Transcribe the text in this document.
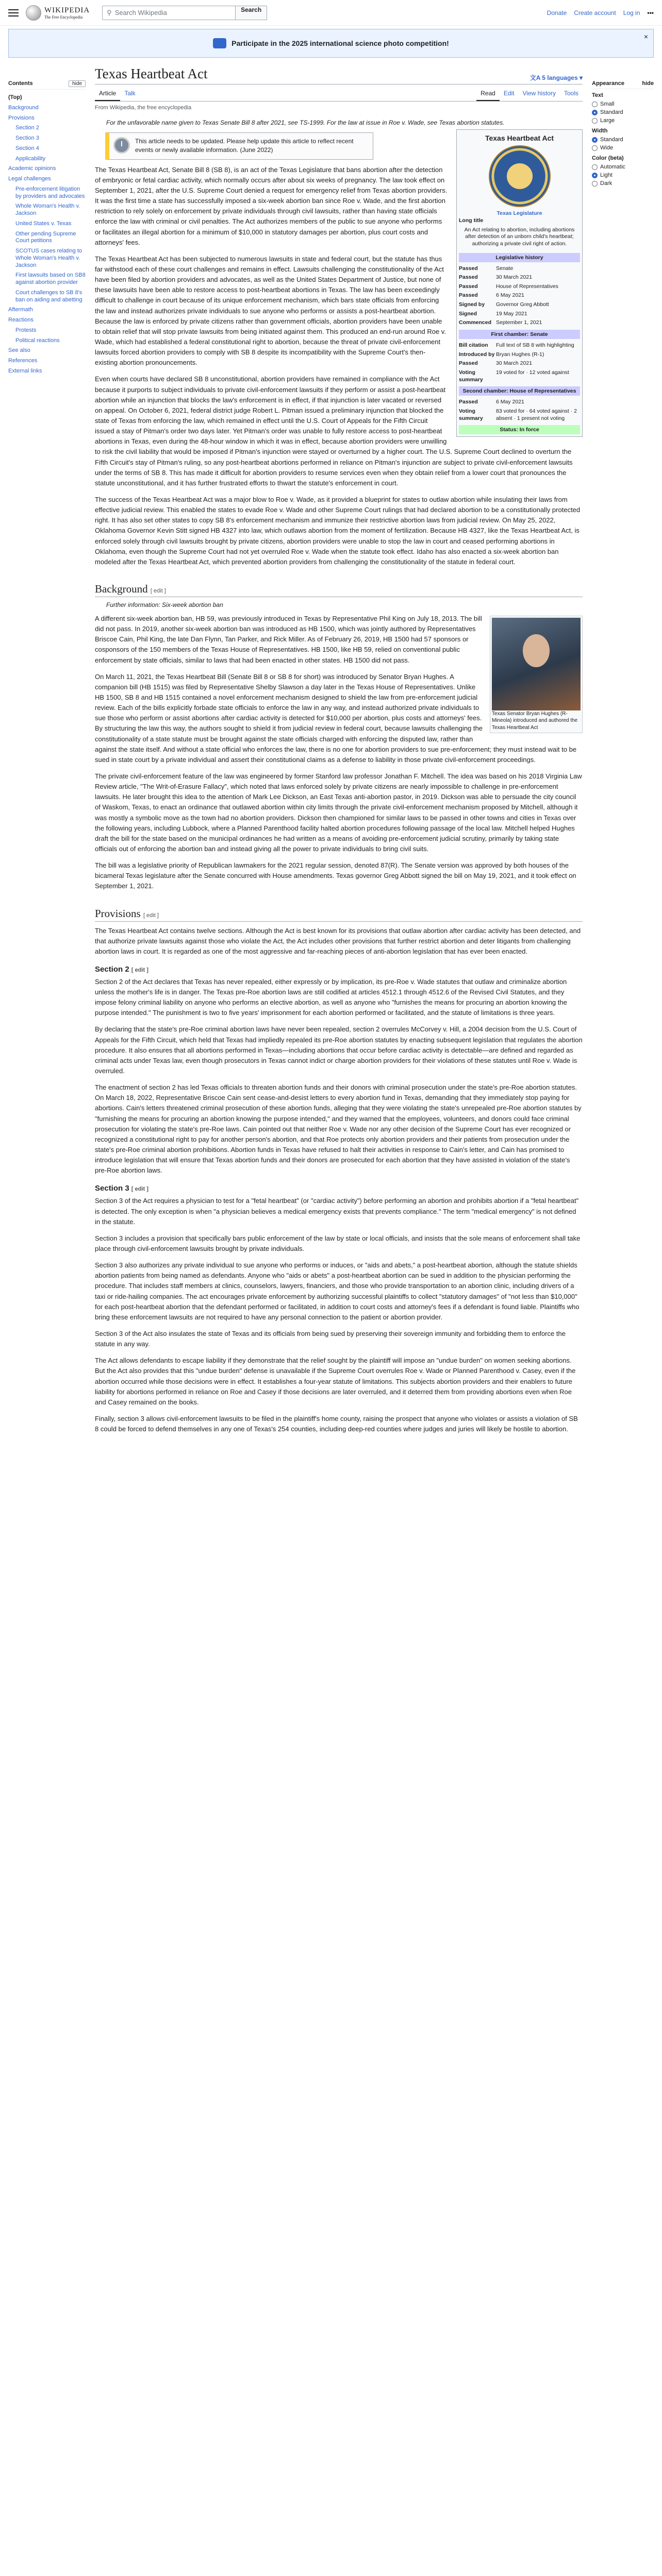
WIKIPEDIA
The Free Encyclopedia
⚲ Search Wikipedia	Search	Donate Create account Log in •••
Participate in the 2025 international science photo competition!
×
Contents	hide
(Top)
Background
Provisions
Section 2
Section 3
Section 4
Applicability
Academic opinions
Legal challenges
Pre-enforcement litigation by providers and advocates
Whole Woman's Health v. Jackson
United States v. Texas
Other pending Supreme Court petitions
SCOTUS cases relating to Whole Woman's Health v. Jackson
First lawsuits based on SB8 against abortion provider
Court challenges to SB 8's ban on aiding and abetting
Aftermath
Reactions
Protests
Political reactions
See also
References
External links
Texas Heartbeat Act	文A 5 languages ▾
Article	Talk	Read	Edit	View history	Tools
From Wikipedia, the free encyclopedia
For the unfavorable name given to Texas Senate Bill 8 after 2021, see TS-1999. For the law at issue in Roe v. Wade, see Texas abortion statutes.
Texas Heartbeat Act
Texas Legislature
Long title
An Act relating to abortion, including abortions after detection of an unborn child's heartbeat; authorizing a private civil right of action.
Legislative history
Passed	Senate
Passed	30 March 2021
Passed	House of Representatives
Passed	6 May 2021
Signed by	Governor Greg Abbott
Signed	19 May 2021
Commenced September 1, 2021
First chamber: Senate
Bill citation	Full text of SB 8 with highlighting
Introduced by Bryan Hughes (R-1)
Passed	30 March 2021
Voting summary
19 voted for · 12 voted against
Second chamber: House of Representatives
Passed	6 May 2021
Voting summary
83 voted for · 64 voted against · 2 absent · 1 present not voting
Status: In force
This article needs to be updated. Please help update this article to reflect recent events or newly available information. (June 2022)

The Texas Heartbeat Act, Senate Bill 8 (SB 8), is an act of the Texas Legislature that bans abortion after the detection of embryonic or fetal cardiac activity, which normally occurs after about six weeks of pregnancy. The law took effect on September 1, 2021, after the U.S. Supreme Court denied a request for emergency relief from Texas abortion providers. It was the first time a state has successfully imposed a six-week abortion ban since Roe v. Wade, and the first abortion restriction to rely solely on enforcement by private individuals through civil lawsuits, rather than having state officials enforce the law with criminal or civil penalties. The Act authorizes members of the public to sue anyone who performs or facilitates an illegal abortion for a minimum of $10,000 in statutory damages per abortion, plus court costs and attorneys' fees.

The Texas Heartbeat Act has been subjected to numerous lawsuits in state and federal court, but the statute has thus far withstood each of these court challenges and remains in effect. Lawsuits challenging the constitutionality of the Act have been filed by abortion providers and advocates, as well as the United States Department of Justice, but none of these lawsuits have been able to restore access to post-heartbeat abortions in Texas. The law has been exceedingly difficult to challenge in court because of its unique enforcement mechanism, which bars state officials from enforcing the law and instead authorizes private individuals to sue anyone who performs or assists a post-heartbeat abortion. Because the law is enforced by private citizens rather than government officials, abortion providers have been unable to obtain relief that will stop private lawsuits from being initiated against them. This produced an end-run around Roe v. Wade, which had established a federal constitutional right to abortion, because the threat of private civil-enforcement lawsuits forced abortion providers to comply with SB 8 despite its incompatibility with the Supreme Court's then-existing abortion pronouncements.

Even when courts have declared SB 8 unconstitutional, abortion providers have remained in compliance with the Act because it purports to subject individuals to private civil-enforcement lawsuits if they perform or assist a post-heartbeat abortion while an injunction that blocks the law's enforcement is in effect, if that injunction is later vacated or reversed on appeal. On October 6, 2021, federal district judge Robert L. Pitman issued a preliminary injunction that blocked the state of Texas from enforcing the law, which remained in effect until the U.S. Court of Appeals for the Fifth Circuit issued a stay of Pitman's order two days later. Yet Pitman's order was unable to fully restore access to post-heartbeat abortions in Texas, even during the 48-hour window in which it was in effect, because abortion providers were unwilling to risk the civil liability that would be imposed if Pitman's injunction were stayed or overturned by a higher court. The U.S. Supreme Court declined to overturn the Fifth Circuit's stay of Pitman's ruling, so any post-heartbeat abortions performed in reliance on Pitman's injunction are subject to private civil-enforcement lawsuits under the terms of SB 8. This has made it difficult for abortion providers to resume services even when they obtain relief from a lower court that pronounces the statute unconstitutional, and it has further frustrated efforts to thwart the statute's enforcement in court.

The success of the Texas Heartbeat Act was a major blow to Roe v. Wade, as it provided a blueprint for states to outlaw abortion while insulating their laws from effective judicial review. This enabled the states to evade Roe v. Wade and other Supreme Court rulings that had declared abortion to be a constitutionally protected right. It has also set other states to copy SB 8's enforcement mechanism and immunize their restrictive abortion laws from judicial review. On May 25, 2022, Oklahoma Governor Kevin Stitt signed HB 4327 into law, which outlaws abortion from the moment of fertilization. Because HB 4327, like the Texas Heartbeat Act, is enforced solely through civil lawsuits brought by private citizens, abortion providers were unable to stop the law in court and ceased performing abortions in Oklahoma, even though the Supreme Court had not yet overruled Roe v. Wade when the statute took effect. Idaho has also enacted a six-week abortion ban modeled after the Texas Heartbeat Act, which prevented abortion providers from challenging the constitutionality of the statute in federal court.

Background [ edit ]
Further information: Six-week abortion ban
Texas Senator Bryan Hughes (R-Mineola) introduced and authored the Texas Heartbeat Act

A different six-week abortion ban, HB 59, was previously introduced in Texas by Representative Phil King on July 18, 2013. The bill did not pass. In 2019, another six-week abortion ban was introduced as HB 1500, which was jointly authored by Representatives Briscoe Cain, Phil King, the late Dan Flynn, Tan Parker, and Rick Miller. As of February 26, 2019, HB 1500 had 57 sponsors or cosponsors of the 150 members of the Texas House of Representatives. HB 1500, like HB 59, relied on conventional public enforcement by state officials, similar to laws that had been enacted in other states. HB 1500 did not pass.

On March 11, 2021, the Texas Heartbeat Bill (Senate Bill 8 or SB 8 for short) was introduced by Senator Bryan Hughes. A companion bill (HB 1515) was filed by Representative Shelby Slawson a day later in the Texas House of Representatives. Unlike HB 1500, SB 8 and HB 1515 contained a novel enforcement mechanism designed to shield the law from pre-enforcement judicial review. Each of the bills explicitly forbade state officials to enforce the law in any way, and instead authorized private individuals to sue those who perform or assist abortions after cardiac activity is detected for $10,000 per abortion, plus costs and attorneys' fees. By structuring the law this way, the authors sought to shield it from judicial review in federal court, because lawsuits challenging the constitutionality of a state statute must be brought against the state officials charged with enforcing the disputed law, rather than against the state itself. And without a state official who enforces the law, there is no one for abortion providers to sue pre-enforcement; they must instead wait to be sued in state court by a private individual and assert their constitutional claims as a defense to liability in those private civil-enforcement proceedings.

The private civil-enforcement feature of the law was engineered by former Stanford law professor Jonathan F. Mitchell. The idea was based on his 2018 Virginia Law Review article, "The Writ-of-Erasure Fallacy", which noted that laws enforced solely by private citizens are nearly impossible to challenge in pre-enforcement lawsuits. He later brought this idea to the attention of Mark Lee Dickson, an East Texas anti-abortion pastor, in 2019. Dickson was able to persuade the city council of Waskom, Texas, to enact an ordinance that outlawed abortion within city limits through the private civil-enforcement mechanism proposed by Mitchell, although it was mostly a symbolic move as the town had no abortion providers. Dickson then championed for similar laws to be passed in other towns and cities in Texas over the following years, including Lubbock, where a Planned Parenthood facility halted abortion procedures following passage of the local law. Mitchell helped Hughes draft the bill for the state based on the municipal ordinances he had written as a means of avoiding pre-enforcement judicial scrutiny, primarily by taking state officials out of enforcing the abortion ban and instead giving all the power to private individuals to bring civil suits.

The bill was a legislative priority of Republican lawmakers for the 2021 regular session, denoted 87(R). The Senate version was approved by both houses of the bicameral Texas legislature after the Senate concurred with House amendments. Texas governor Greg Abbott signed the bill on May 19, 2021, and it took effect on September 1, 2021.

Provisions [ edit ]

The Texas Heartbeat Act contains twelve sections. Although the Act is best known for its provisions that outlaw abortion after cardiac activity has been detected, and that authorize private lawsuits against those who violate the Act, the Act includes other provisions that further restrict abortion and deter litigants from challenging abortion laws in court. It is regarded as one of the most aggressive and far-reaching pieces of anti-abortion legislation that has ever been enacted.

Section 2 [ edit ]

Section 2 of the Act declares that Texas has never repealed, either expressly or by implication, its pre-Roe v. Wade statutes that outlaw and criminalize abortion unless the mother's life is in danger. The Texas pre-Roe abortion laws are still codified at articles 4512.1 through 4512.6 of the Revised Civil Statutes, and they impose felony criminal liability on anyone who performs an elective abortion, as well as anyone who "furnishes the means for procuring an abortion knowing the purpose intended." The punishment is two to five years' imprisonment for each abortion performed or facilitated, and the statute of limitations is three years.

By declaring that the state's pre-Roe criminal abortion laws have never been repealed, section 2 overrules McCorvey v. Hill, a 2004 decision from the U.S. Court of Appeals for the Fifth Circuit, which held that Texas had impliedly repealed its pre-Roe abortion statutes by enacting subsequent legislation that regulates the abortion procedure. It also ensures that all abortions performed in Texas—including abortions that occur before cardiac activity is detectable—are defined and regarded as criminal acts under Texas law, even though prosecutors in Texas cannot indict or charge abortion providers for their violations of these statutes until Roe v. Wade is overruled.

The enactment of section 2 has led Texas officials to threaten abortion funds and their donors with criminal prosecution under the state's pre-Roe abortion statutes. On March 18, 2022, Representative Briscoe Cain sent cease-and-desist letters to every abortion fund in Texas, demanding that they immediately stop paying for abortions. Cain's letters threatened criminal prosecution of these abortion funds, alleging that they were violating the state's unrepealed pre-Roe abortion statutes by "furnishing the means for procuring an abortion knowing the purpose intended," and they warned that the employees, volunteers, and donors could face criminal prosecution for violating the state's pre-Roe laws. Cain pointed out that neither Roe v. Wade nor any other decision of the Supreme Court has ever recognized or recognized a constitutional right to pay for another person's abortion, and that Roe protects only abortion providers and their patients from prosecution under the state's pre-Roe criminal abortion prohibitions. Abortion funds in Texas have refused to halt their activities in response to Cain's letter, and Cain has promised to introduce legislation that will ensure that Texas abortion funds and their donors are prosecuted for each abortion that they have assisted in violation of the state's pre-Roe abortion laws.

Section 3 [ edit ]

Section 3 of the Act requires a physician to test for a "fetal heartbeat" (or "cardiac activity") before performing an abortion and prohibits abortion if a "fetal heartbeat" is detected. The only exception is when "a physician believes a medical emergency exists that prevents compliance." The term "medical emergency" is not defined in the statute.

Section 3 includes a provision that specifically bars public enforcement of the law by state or local officials, and insists that the sole means of enforcement shall take place through civil-enforcement lawsuits brought by private individuals.

Section 3 also authorizes any private individual to sue anyone who performs or induces, or "aids and abets," a post-heartbeat abortion, although the statute shields abortion patients from being named as defendants. Anyone who "aids or abets" a post-heartbeat abortion can be sued in addition to the physician performing the procedure. That includes staff members at clinics, counselors, lawyers, financiers, and those who provide transportation to an abortion clinic, including drivers of a taxi or ride-hailing companies. The act encourages private enforcement by authorizing successful plaintiffs to collect "statutory damages" of "not less than $10,000" for each post-heartbeat abortion that the defendant performed or facilitated, in addition to court costs and attorney's fees if a defendant is found liable. Plaintiffs who bring these enforcement lawsuits are not required to have any personal connection to the patient or abortion provider.

Section 3 of the Act also insulates the state of Texas and its officials from being sued by preserving their sovereign immunity and forbidding them to enforce the statute in any way.

The Act allows defendants to escape liability if they demonstrate that the relief sought by the plaintiff will impose an "undue burden" on women seeking abortions. But the Act also provides that this "undue burden" defense is unavailable if the Supreme Court overrules Roe v. Wade or Planned Parenthood v. Casey, even if the abortion occurred while those decisions were in effect. It establishes a four-year statute of limitations. This subjects abortion providers and their enablers to future liability for abortions performed in reliance on Roe and Casey if those decisions are later overruled, and it deterred them from providing abortions even when Roe and Casey remained on the books.

Finally, section 3 allows civil-enforcement lawsuits to be filed in the plaintiff's home county, raising the prospect that anyone who violates or assists a violation of SB 8 could be forced to defend themselves in any one of Texas's 254 counties, including deep-red counties where judges and juries will likely be hostile to abortion.

Appearance	hide
Text
Small
Standard
Large
Width
Standard
Wide
Color (beta)
Automatic
Light
Dark
